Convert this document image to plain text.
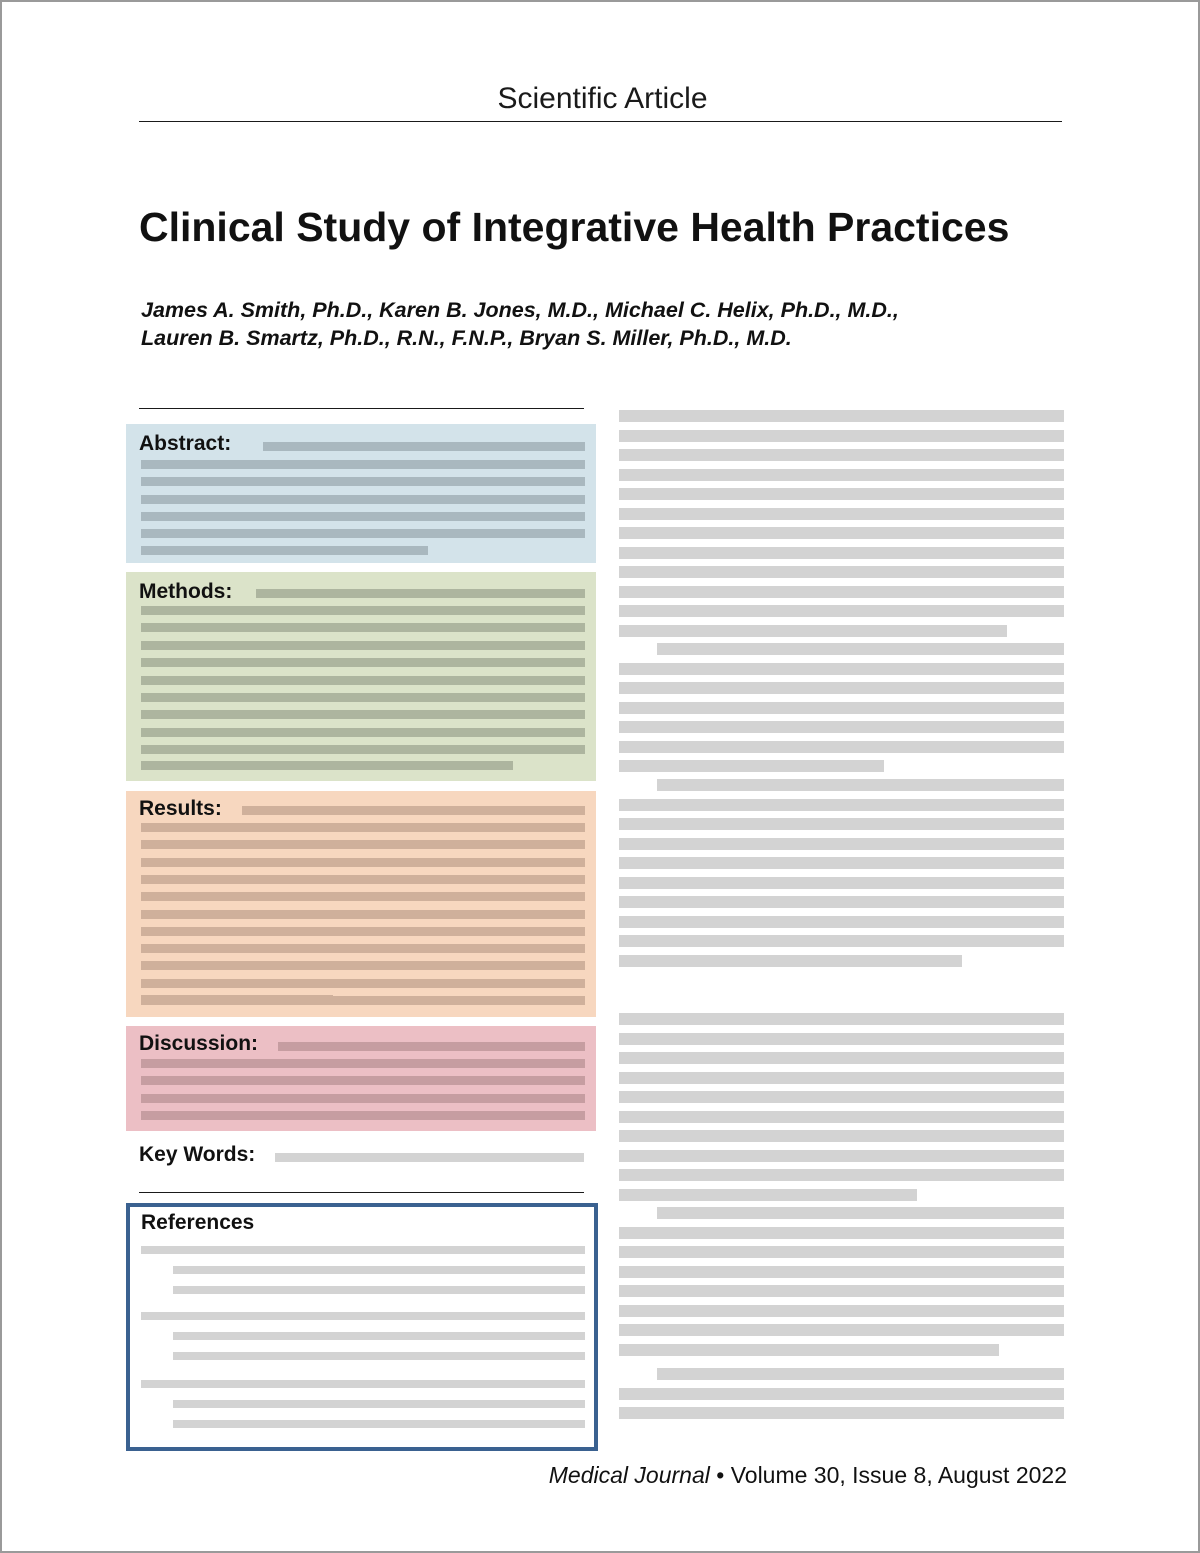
Scientific Article
Clinical Study of Integrative Health Practices
James A. Smith, Ph.D., Karen B. Jones, M.D., Michael C. Helix, Ph.D., M.D.,
Lauren B. Smartz, Ph.D., R.N., F.N.P., Bryan S. Miller, Ph.D., M.D.
Abstract:
Methods:
Results:
Discussion:
Key Words:
References
Medical Journal • Volume 30, Issue 8, August 2022
